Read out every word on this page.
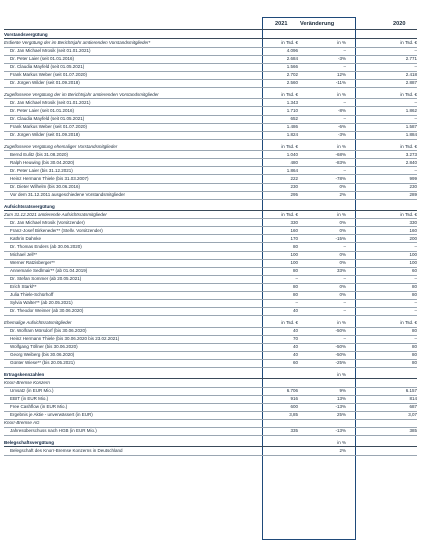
2021 Veränderung	2020
Vorstandsvergütung
Erdiente Vergütung der im Berichtsjahr amtierenden Vorstandsmitglieder*	in Tsd. €	in %	in Tsd. €
Dr. Jan Michael Mrosik (seit 01.01.2021)	4.096	–	–
Dr. Peter Laier (seit 01.01.2016)	2.684	-3%	2.771
Dr. Claudia Mayfeld (seit 01.05.2021)	1.566	–	–
Frank Markus Weber (seit 01.07.2020)	2.702	12%	2.418
Dr. Jürgen Wilder (seit 01.09.2018)	2.560	-11%	2.887
Zugeflossene Vergütung der im Berichtsjahr amtierenden Vorstandsmitglieder	in Tsd. €	in %	in Tsd. €
Dr. Jan Michael Mrosik (seit 01.01.2021)	1.343	–	–
Dr. Peter Laier (seit 01.01.2016)	1.710	-8%	1.862
Dr. Claudia Mayfeld (seit 01.05.2021)	652	–	–
Frank Markus Weber (seit 01.07.2020)	1.486	-6%	1.587
Dr. Jürgen Wilder (seit 01.09.2018)	1.824	-3%	1.884
Zugeflossene Vergütung ehemaliger Vorstandsmitglieder	in Tsd. €	in %	in Tsd. €
Bernd Eulitz (bis 31.08.2020)	1.040	-68%	3.273
Ralph Heuwing (bis 30.04.2020)	480	-83%	2.840
Dr. Peter Laier (bis 31.12.2021)	1.864	–	–
Heinz Hermann Thiele (bis 31.03.2007)	222	-78%	999
Dr. Dieter Wilhelm (bis 30.06.2016)	230	0%	230
Vor dem 31.12.2011 ausgeschiedene Vorstandsmitglieder	295	2%	289
Aufsichtsratsvergütung
Zum 31.12.2021 amtierende Aufsichtsratsmitglieder	in Tsd. €	in %	in Tsd. €
Dr. Jan Michael Mrosik (Vorsitzender)	330	0%	330
Franz-Josef Birkeneder** (Stellv. Vorsitzender)	160	0%	160
Kathrin Dahnke	170	-15%	200
Dr. Thomas Enders (ab 30.06.2020)	80	–	–
Michael Jell**	100	0%	100
Werner Ratzisberger**	100	0%	100
Annemarie Sedlmair** (ab 01.04.2019)	80	33%	60
Dr. Stefan Sommer (ab 20.05.2021)	–	–	–
Erich Starkl**	80	0%	80
Julia Thiele-Schürhoff	80	0%	80
Sylvia Walter** (ab 20.05.2021)	–	–	–
Dr. Theodor Weimer (ab 30.06.2020)	40	–	–
Ehemalige Aufsichtsratsmitglieder	in Tsd. €	in %	in Tsd. €
Dr. Wolfram Mörsdorf (bis 30.06.2020)	40	-50%	80
Heinz Hermann Thiele (bis 30.06.2020 bis 23.02.2021)	70	–	–
Wolfgang Töllner (bis 30.06.2020)	40	-50%	80
Georg Weiberg (bis 30.06.2020)	40	-50%	80
Günter Wiese** (bis 20.05.2021)	60	-25%	80
Ertragskennzahlen	in %
Knorr-Bremse Konzern
Umsatz (in EUR Mio.)	6.706	9%	6.157
EBIT (in EUR Mio.)	916	13%	814
Free Cashflow (in EUR Mio.)	600	-13%	687
Ergebnis je Aktie - unverwässert (in EUR)	3,85	25%	3,07
Knorr-Bremse AG
Jahresüberschuss nach HGB (in EUR Mio.)	335	-13%	385
Belegschaftsvergütung	in %
Belegschaft des Knorr-Bremse Konzerns in Deutschland	2%
